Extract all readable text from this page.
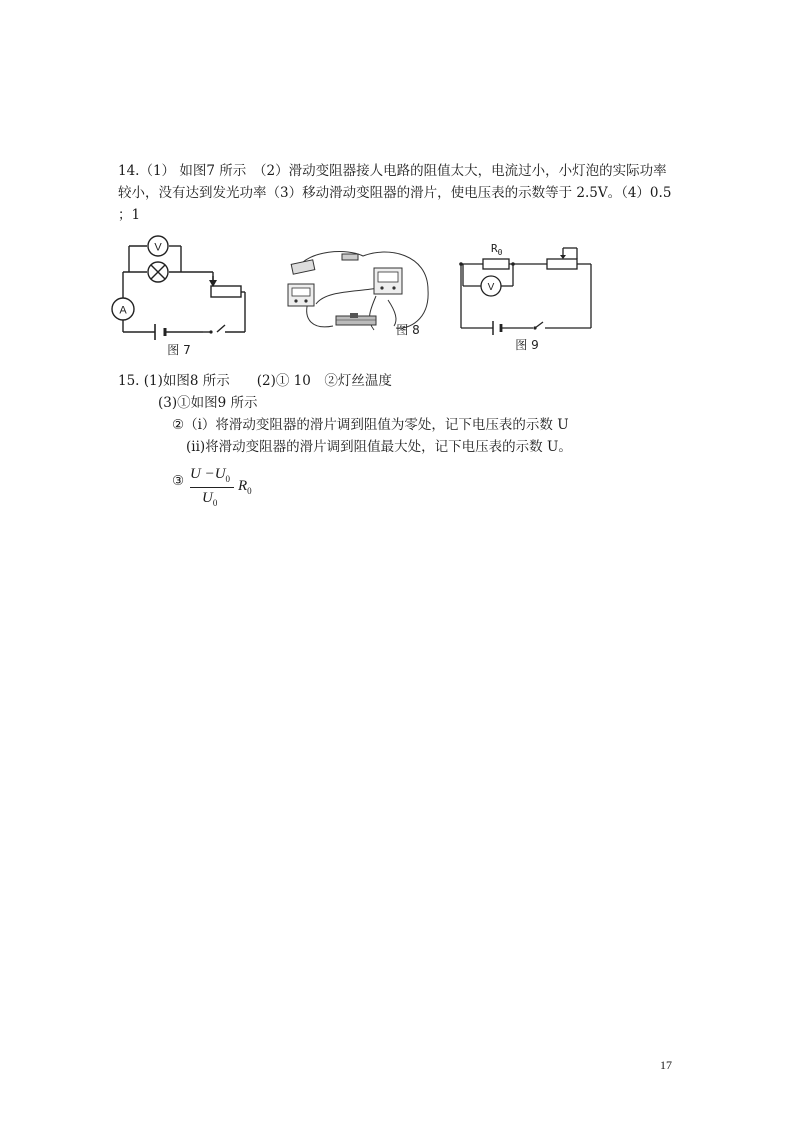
14.（1） 如图7 所示　（2）滑动变阻器接人电路的阻值太大，电流过小，小灯泡的实际功率
较小，没有达到发光功率（3）移动滑动变阻器的滑片，使电压表的示数等于 2.5V。（4）0.5
；1
V
A
图 7
图 8
$R_0$
V
图 9
15. (1)如图8 所示　　(2)① 10　②灯丝温度
(3)①如图9 所示
②（i）将滑动变阻器的滑片调到阻值为零处，记下电压表的示数 U
(ii)将滑动变阻器的滑片调到阻值最大处，记下电压表的示数 U。
③ $U -U_0$
$U_0$
$R_0$
17
